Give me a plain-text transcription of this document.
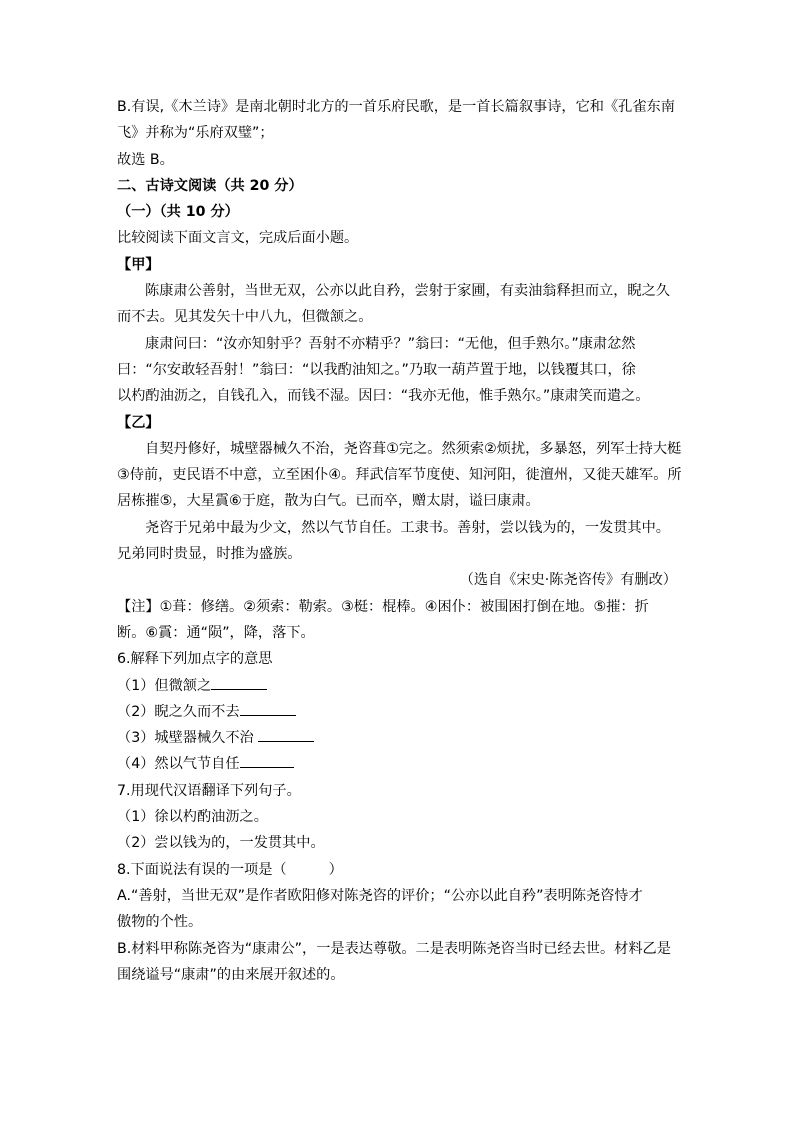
B.有误,《木兰诗》是南北朝时北方的一首乐府民歌，是一首长篇叙事诗，它和《孔雀东南
飞》并称为“乐府双璧”；
故选 B。
二、古诗文阅读（共 20 分）
（一）（共 10 分）
比较阅读下面文言文，完成后面小题。
【甲】
陈康肃公善射，当世无双，公亦以此自矜，尝射于家圃，有卖油翁释担而立，睨之久
而不去。见其发矢十中八九，但微颔之。
康肃问曰：“汝亦知射乎？吾射不亦精乎？”翁曰：“无他，但手熟尔。”康肃忿然
曰：“尔安敢轻吾射！”翁曰：“以我酌油知之。”乃取一葫芦置于地，以钱覆其口，徐
以杓酌油沥之，自钱孔入，而钱不湿。因曰：“我亦无他，惟手熟尔。”康肃笑而遣之。
【乙】
自契丹修好，城壁器械久不治，尧咨葺①完之。然须索②烦扰，多暴怒，列军士持大梃
③侍前，吏民语不中意，立至困仆④。拜武信军节度使、知河阳，徙澶州，又徙天雄军。所
居栋摧⑤，大星霣⑥于庭，散为白气。已而卒，赠太尉，谥曰康肃。
尧咨于兄弟中最为少文，然以气节自任。工隶书。善射，尝以钱为的，一发贯其中。
兄弟同时贵显，时推为盛族。
（选自《宋史·陈尧咨传》有删改）
【注】①葺：修缮。②须索：勒索。③梃：棍棒。④困仆：被围困打倒在地。⑤摧：折
断。⑥霣：通“陨”，降，落下。
6.解释下列加点字的意思
（1）但微颔之
（2）睨之久而不去
（3）城壁器械久不治
（4）然以气节自任
7.用现代汉语翻译下列句子。
（1）徐以杓酌油沥之。
（2）尝以钱为的，一发贯其中。
8.下面说法有误的一项是（	）
A.“善射，当世无双”是作者欧阳修对陈尧咨的评价；“公亦以此自矜”表明陈尧咨恃才
傲物的个性。
B.材料甲称陈尧咨为“康肃公”，一是表达尊敬。二是表明陈尧咨当时已经去世。材料乙是
围绕谥号“康肃”的由来展开叙述的。
